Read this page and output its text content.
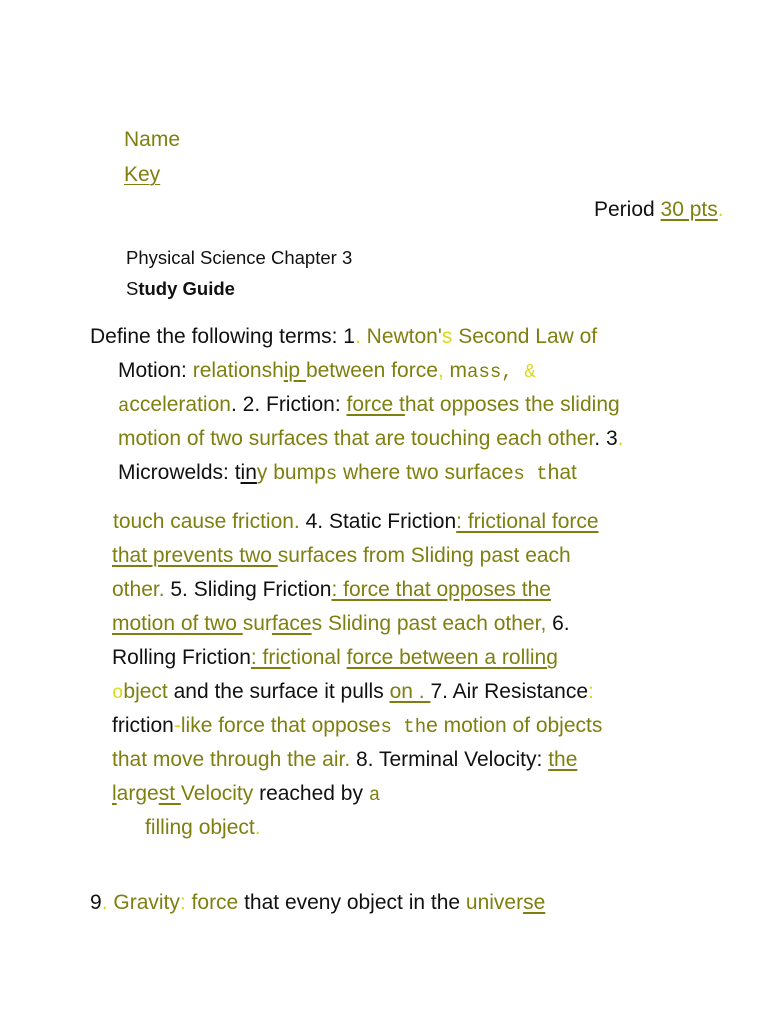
Name
Key
Period 30 pts.
Physical Science Chapter 3
Study Guide
Define the following terms: 1. Newton's Second Law of
Motion: relationship between force, mass, &
acceleration. 2. Friction: force that opposes the sliding
motion of two surfaces that are touching each other. 3.
Microwelds: tiny bumps where two surfaces that
touch cause friction. 4. Static Friction: frictional force
that prevents two surfaces from Sliding past each
other. 5. Sliding Friction: force that opposes the
motion of two surfaces Sliding past each other, 6.
Rolling Friction: frictional force between a rolling
object and the surface it pulls on . 7. Air Resistance:
friction-like force that opposes the motion of objects
that move through the air. 8. Terminal Velocity: the
largest Velocity reached by a
filling object.
9. Gravity: force that eveny object in the universe
